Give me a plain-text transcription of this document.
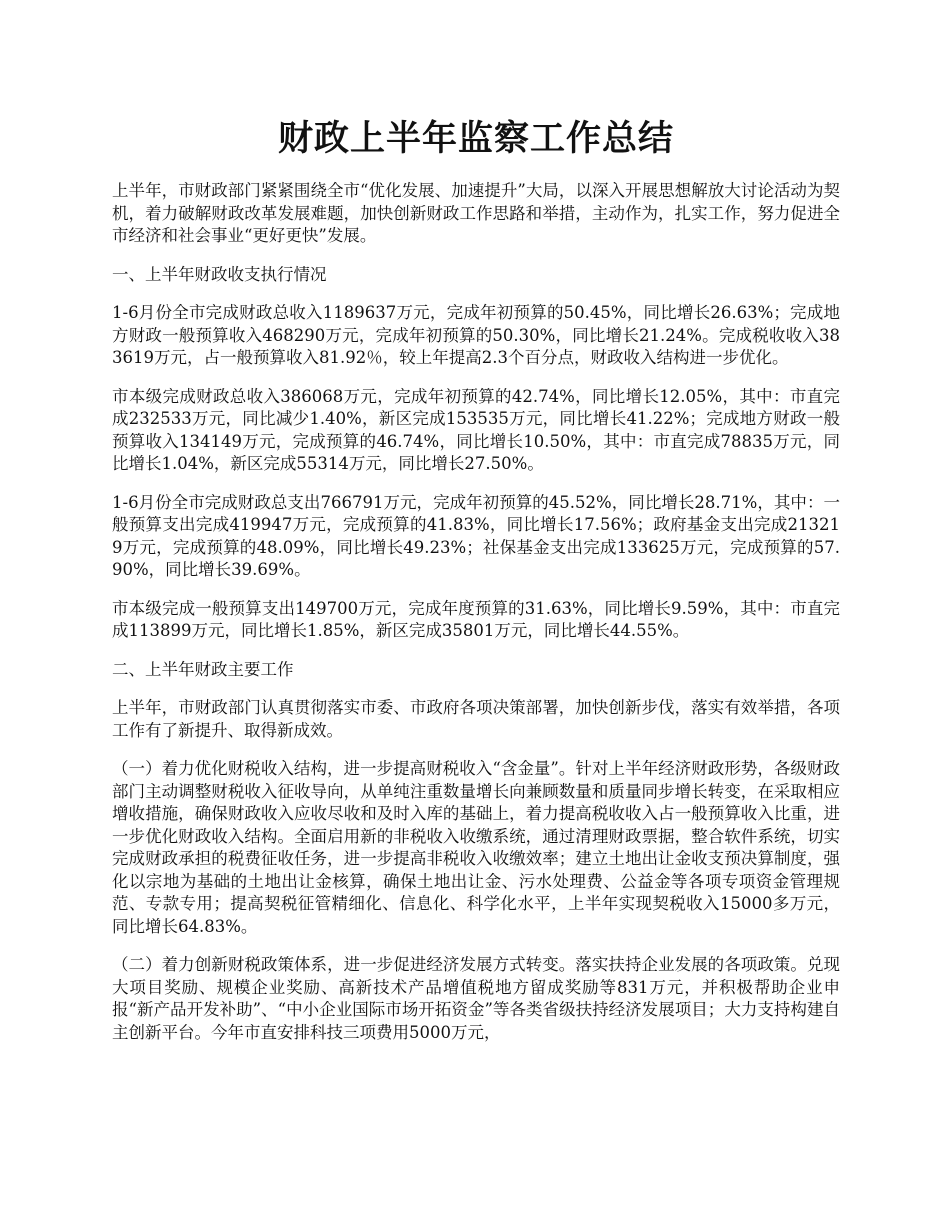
财政上半年监察工作总结

上半年，市财政部门紧紧围绕全市“优化发展、加速提升”大局，以深入开展思想解放大讨论活动为契机，着力破解财政改革发展难题，加快创新财政工作思路和举措，主动作为，扎实工作，努力促进全市经济和社会事业“更好更快”发展。

一、上半年财政收支执行情况

1-6月份全市完成财政总收入1189637万元，完成年初预算的50.45%，同比增长26.63%；完成地方财政一般预算收入468290万元，完成年初预算的50.30%，同比增长21.24%。完成税收收入383619万元，占一般预算收入81.92％，较上年提高2.3个百分点，财政收入结构进一步优化。

市本级完成财政总收入386068万元，完成年初预算的42.74%，同比增长12.05%，其中：市直完成232533万元，同比减少1.40%，新区完成153535万元，同比增长41.22%；完成地方财政一般预算收入134149万元，完成预算的46.74%，同比增长10.50%，其中：市直完成78835万元，同比增长1.04%，新区完成55314万元，同比增长27.50%。

1-6月份全市完成财政总支出766791万元，完成年初预算的45.52%，同比增长28.71%，其中：一般预算支出完成419947万元，完成预算的41.83%，同比增长17.56%；政府基金支出完成213219万元，完成预算的48.09%，同比增长49.23%；社保基金支出完成133625万元，完成预算的57.90%，同比增长39.69%。

市本级完成一般预算支出149700万元，完成年度预算的31.63%，同比增长9.59%，其中：市直完成113899万元，同比增长1.85%，新区完成35801万元，同比增长44.55%。

二、上半年财政主要工作

上半年，市财政部门认真贯彻落实市委、市政府各项决策部署，加快创新步伐，落实有效举措，各项工作有了新提升、取得新成效。

（一）着力优化财税收入结构，进一步提高财税收入“含金量”。针对上半年经济财政形势，各级财政部门主动调整财税收入征收导向，从单纯注重数量增长向兼顾数量和质量同步增长转变，在采取相应增收措施，确保财政收入应收尽收和及时入库的基础上，着力提高税收收入占一般预算收入比重，进一步优化财政收入结构。全面启用新的非税收入收缴系统，通过清理财政票据，整合软件系统，切实完成财政承担的税费征收任务，进一步提高非税收入收缴效率；建立土地出让金收支预决算制度，强化以宗地为基础的土地出让金核算，确保土地出让金、污水处理费、公益金等各项专项资金管理规范、专款专用；提高契税征管精细化、信息化、科学化水平，上半年实现契税收入15000多万元，同比增长64.83%。

（二）着力创新财税政策体系，进一步促进经济发展方式转变。落实扶持企业发展的各项政策。兑现大项目奖励、规模企业奖励、高新技术产品增值税地方留成奖励等831万元，并积极帮助企业申报“新产品开发补助”、“中小企业国际市场开拓资金”等各类省级扶持经济发展项目；大力支持构建自主创新平台。今年市直安排科技三项费用5000万元，
